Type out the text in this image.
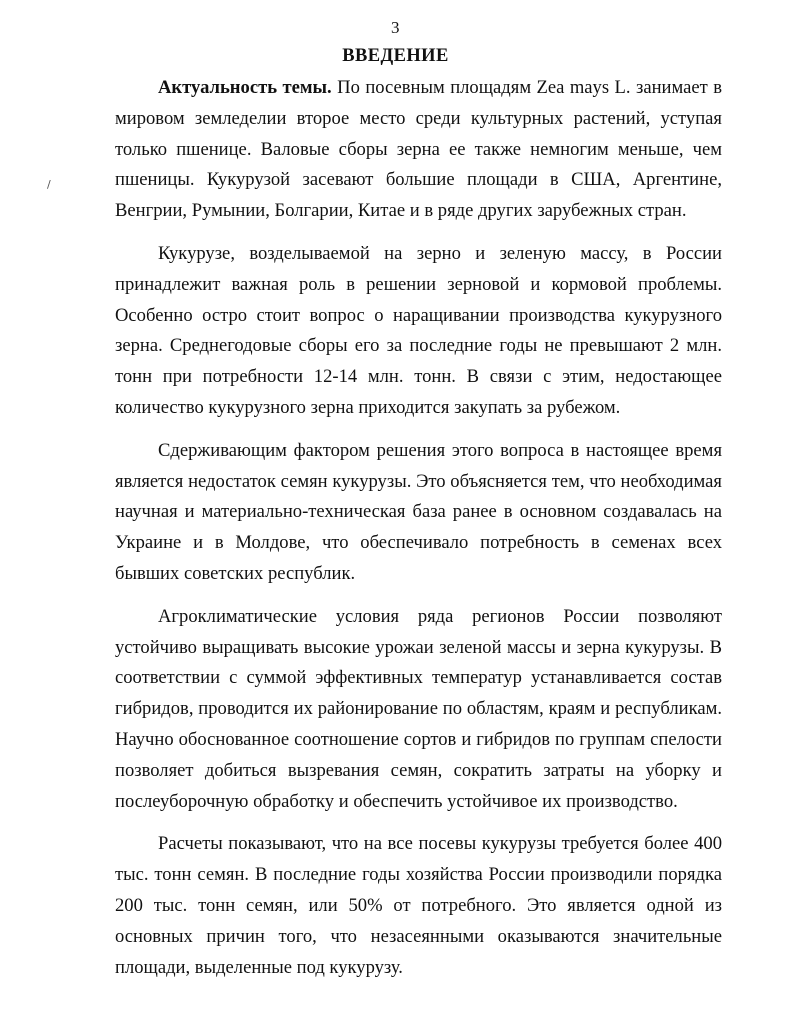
3
ВВЕДЕНИЕ

Актуальность темы. По посевным площадям Zea mays L. занимает в мировом земледелии второе место среди культурных растений, уступая только пшенице. Валовые сборы зерна ее также немногим меньше, чем пшеницы. Кукурузой засевают большие площади в США, Аргентине, Венгрии, Румынии, Болгарии, Китае и в ряде других зарубежных стран.

Кукурузе, возделываемой на зерно и зеленую массу, в России принадлежит важная роль в решении зерновой и кормовой проблемы. Особенно остро стоит вопрос о наращивании производства кукурузного зерна. Среднегодовые сборы его за последние годы не превышают 2 млн. тонн при потребности 12-14 млн. тонн. В связи с этим, недостающее количество кукурузного зерна приходится закупать за рубежом.

Сдерживающим фактором решения этого вопроса в настоящее время является недостаток семян кукурузы. Это объясняется тем, что необходимая научная и материально-техническая база ранее в основном создавалась на Украине и в Молдове, что обеспечивало потребность в семенах всех бывших советских республик.

Агроклиматические условия ряда регионов России позволяют устойчиво выращивать высокие урожаи зеленой массы и зерна кукурузы. В соответствии с суммой эффективных температур устанавливается состав гибридов, проводится их районирование по областям, краям и республикам. Научно обоснованное соотношение сортов и гибридов по группам спелости позволяет добиться вызревания семян, сократить затраты на уборку и послеуборочную обработку и обеспечить устойчивое их производство.

Расчеты показывают, что на все посевы кукурузы требуется более 400 тыс. тонн семян. В последние годы хозяйства России производили порядка 200 тыс. тонн семян, или 50% от потребного. Это является одной из основных причин того, что незасеянными оказываются значительные площади, выделенные под кукурузу.

/
